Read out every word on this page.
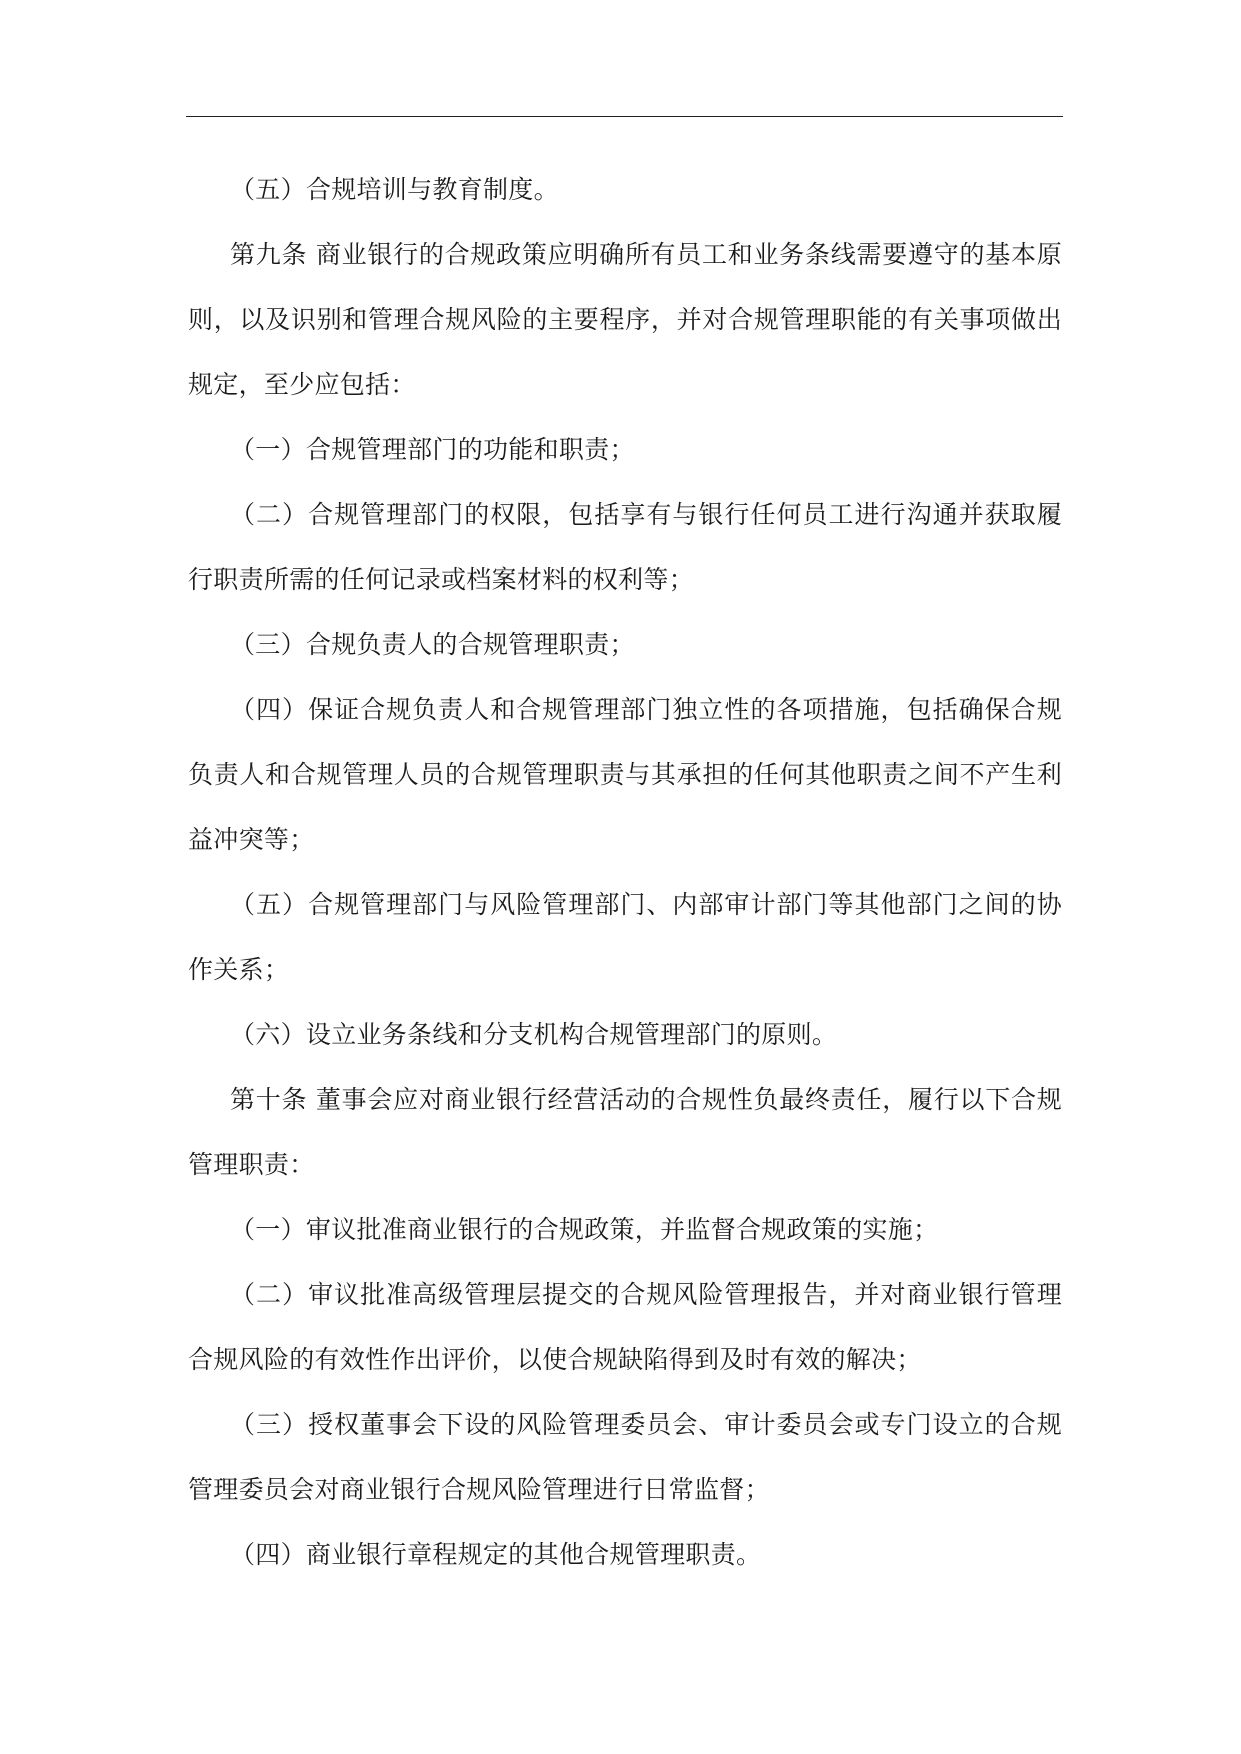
（五）合规培训与教育制度。

第九条 商业银行的合规政策应明确所有员工和业务条线需要遵守的基本原则，以及识别和管理合规风险的主要程序，并对合规管理职能的有关事项做出规定，至少应包括：

（一）合规管理部门的功能和职责；

（二）合规管理部门的权限，包括享有与银行任何员工进行沟通并获取履行职责所需的任何记录或档案材料的权利等；

（三）合规负责人的合规管理职责；

（四）保证合规负责人和合规管理部门独立性的各项措施，包括确保合规负责人和合规管理人员的合规管理职责与其承担的任何其他职责之间不产生利益冲突等；

（五）合规管理部门与风险管理部门、内部审计部门等其他部门之间的协作关系；

（六）设立业务条线和分支机构合规管理部门的原则。

第十条 董事会应对商业银行经营活动的合规性负最终责任，履行以下合规管理职责：

（一）审议批准商业银行的合规政策，并监督合规政策的实施；

（二）审议批准高级管理层提交的合规风险管理报告，并对商业银行管理合规风险的有效性作出评价，以使合规缺陷得到及时有效的解决；

（三）授权董事会下设的风险管理委员会、审计委员会或专门设立的合规管理委员会对商业银行合规风险管理进行日常监督；

（四）商业银行章程规定的其他合规管理职责。
